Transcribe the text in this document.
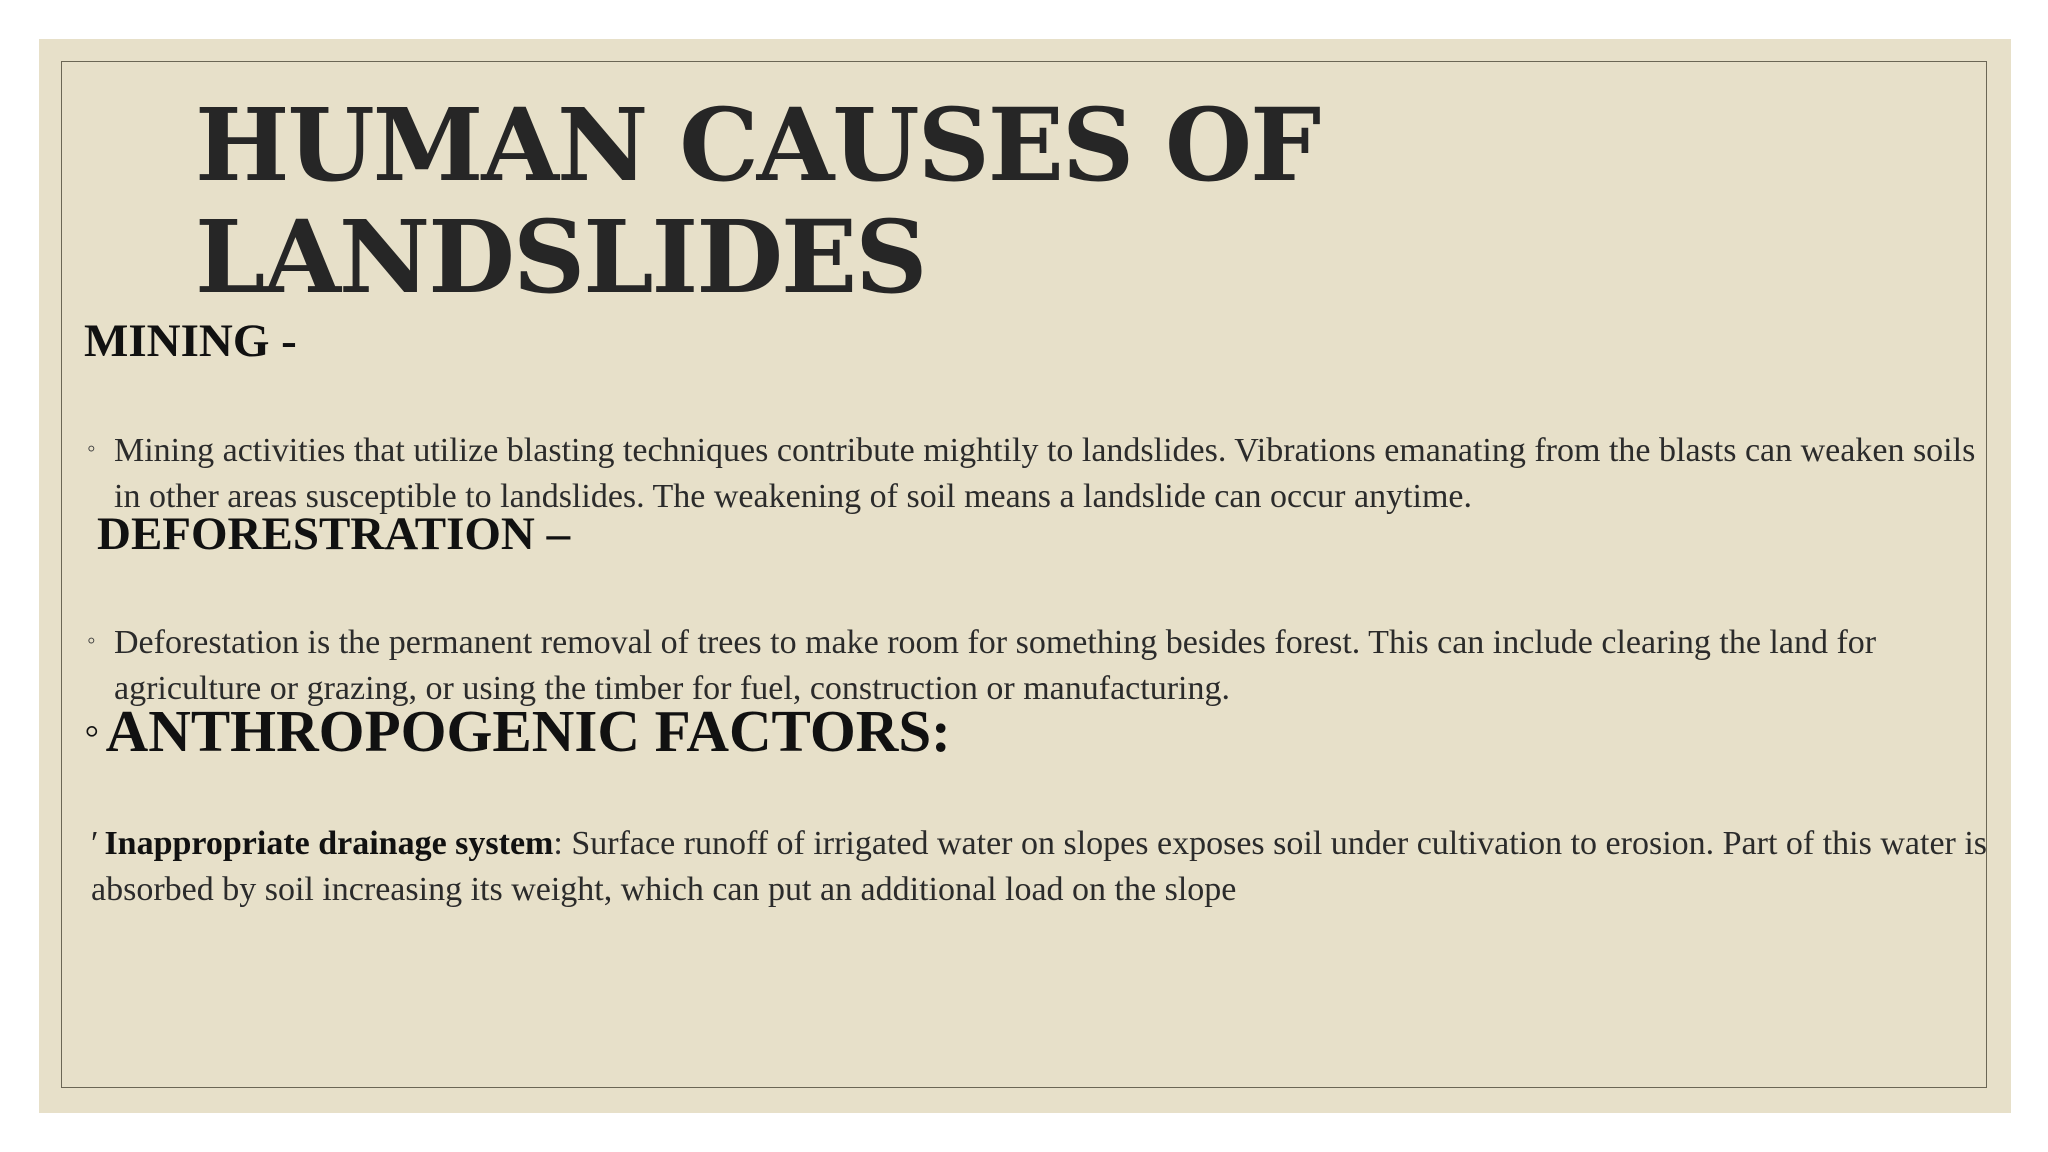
HUMAN CAUSES OF
LANDSLIDES
MINING -

◦ Mining activities that utilize blasting techniques contribute mightily to landslides. Vibrations emanating from the blasts can weaken soils in other areas susceptible to landslides. The weakening of soil means a landslide can occur anytime.

DEFORESTRATION –

◦ Deforestation is the permanent removal of trees to make room for something besides forest. This can include clearing the land for agriculture or grazing, or using the timber for fuel, construction or manufacturing.

◦ ANTHROPOGENIC FACTORS:

′ Inappropriate drainage system: Surface runoff of irrigated water on slopes exposes soil under cultivation to erosion. Part of this water is absorbed by soil increasing its weight, which can put an additional load on the slope
